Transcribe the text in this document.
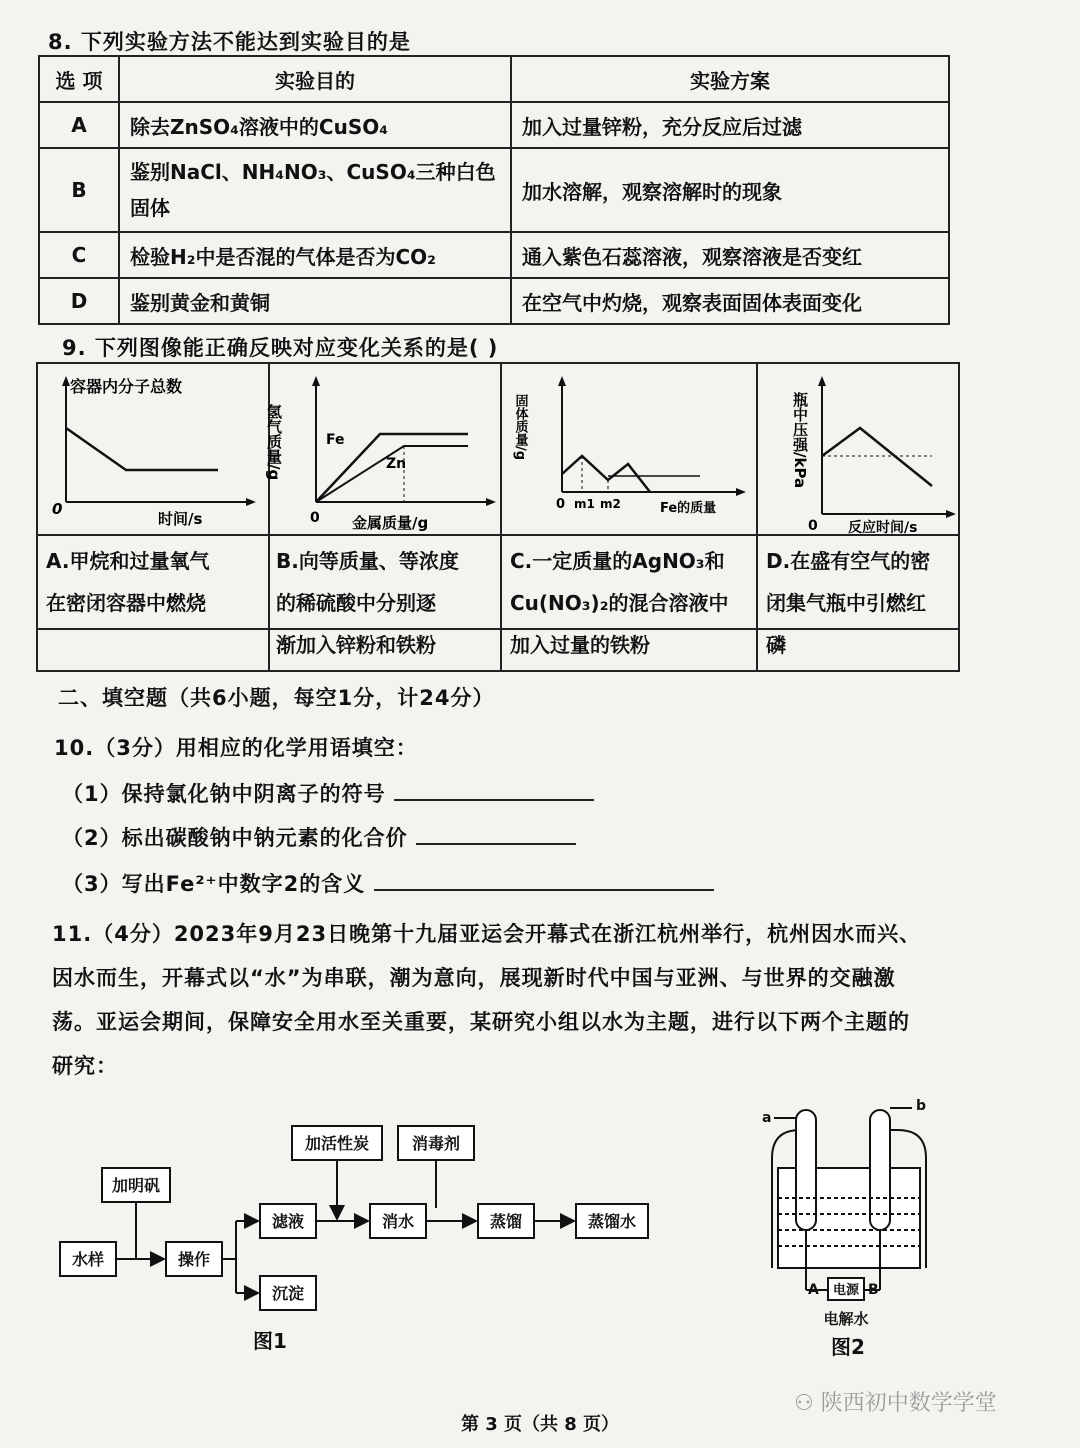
8. 下列实验方法不能达到实验目的是
选 项	实验目的	实验方案
A	除去ZnSO₄溶液中的CuSO₄	加入过量锌粉，充分反应后过滤
B	鉴别NaCl、NH₄NO₃、CuSO₄三种白色固体	加水溶解，观察溶解时的现象
C	检验H₂中是否混的气体是否为CO₂	通入紫色石蕊溶液，观察溶液是否变红
D	鉴别黄金和黄铜	在空气中灼烧，观察表面固体表面变化
9. 下列图像能正确反映对应变化关系的是( )
容器内分子总数
时间/s
0
氢气质量/g
金属质量/g
0
Fe
Zn
固体质量/g
Fe的质量
0 m1 m2
瓶中压强/kPa
反应时间/s
0
A.甲烷和过量氧气
在密闭容器中燃烧
B.向等质量、等浓度
的稀硫酸中分别逐
渐加入锌粉和铁粉
C.一定质量的AgNO₃和
Cu(NO₃)₂的混合溶液中
加入过量的铁粉
D.在盛有空气的密
闭集气瓶中引燃红
磷
二、填空题（共6小题，每空1分，计24分）
10.（3分）用相应的化学用语填空：
（1）保持氯化钠中阴离子的符号
（2）标出碳酸钠中钠元素的化合价
（3）写出Fe²⁺中数字2的含义
11.（4分）2023年9月23日晚第十九届亚运会开幕式在浙江杭州举行，杭州因水而兴、
因水而生，开幕式以“水”为串联，潮为意向，展现新时代中国与亚洲、与世界的交融激
荡。亚运会期间，保障安全用水至关重要，某研究小组以水为主题，进行以下两个主题的
研究：
加明矾
水样	操作
滤液
沉淀
加活性炭	消毒剂
消水	蒸馏	蒸馏水
图1
a
b
A	B
电源
电解水
图2
⚇ 陕西初中数学学堂
第 3 页（共 8 页）
